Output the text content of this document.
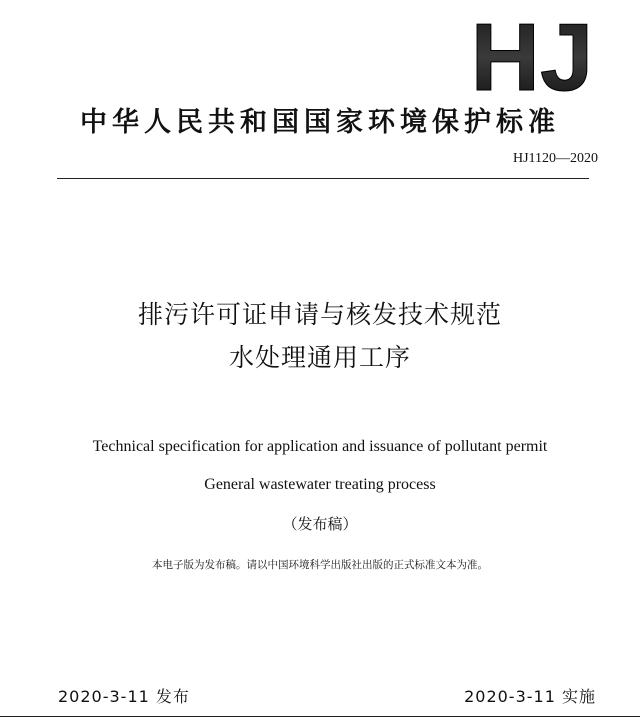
HJ
中华人民共和国国家环境保护标准
HJ1120—2020
排污许可证申请与核发技术规范
水处理通用工序
Technical specification for application and issuance of pollutant permit
General wastewater treating process
（发布稿）
本电子版为发布稿。请以中国环境科学出版社出版的正式标准文本为准。
2020-3-11 发布	2020-3-11 实施
